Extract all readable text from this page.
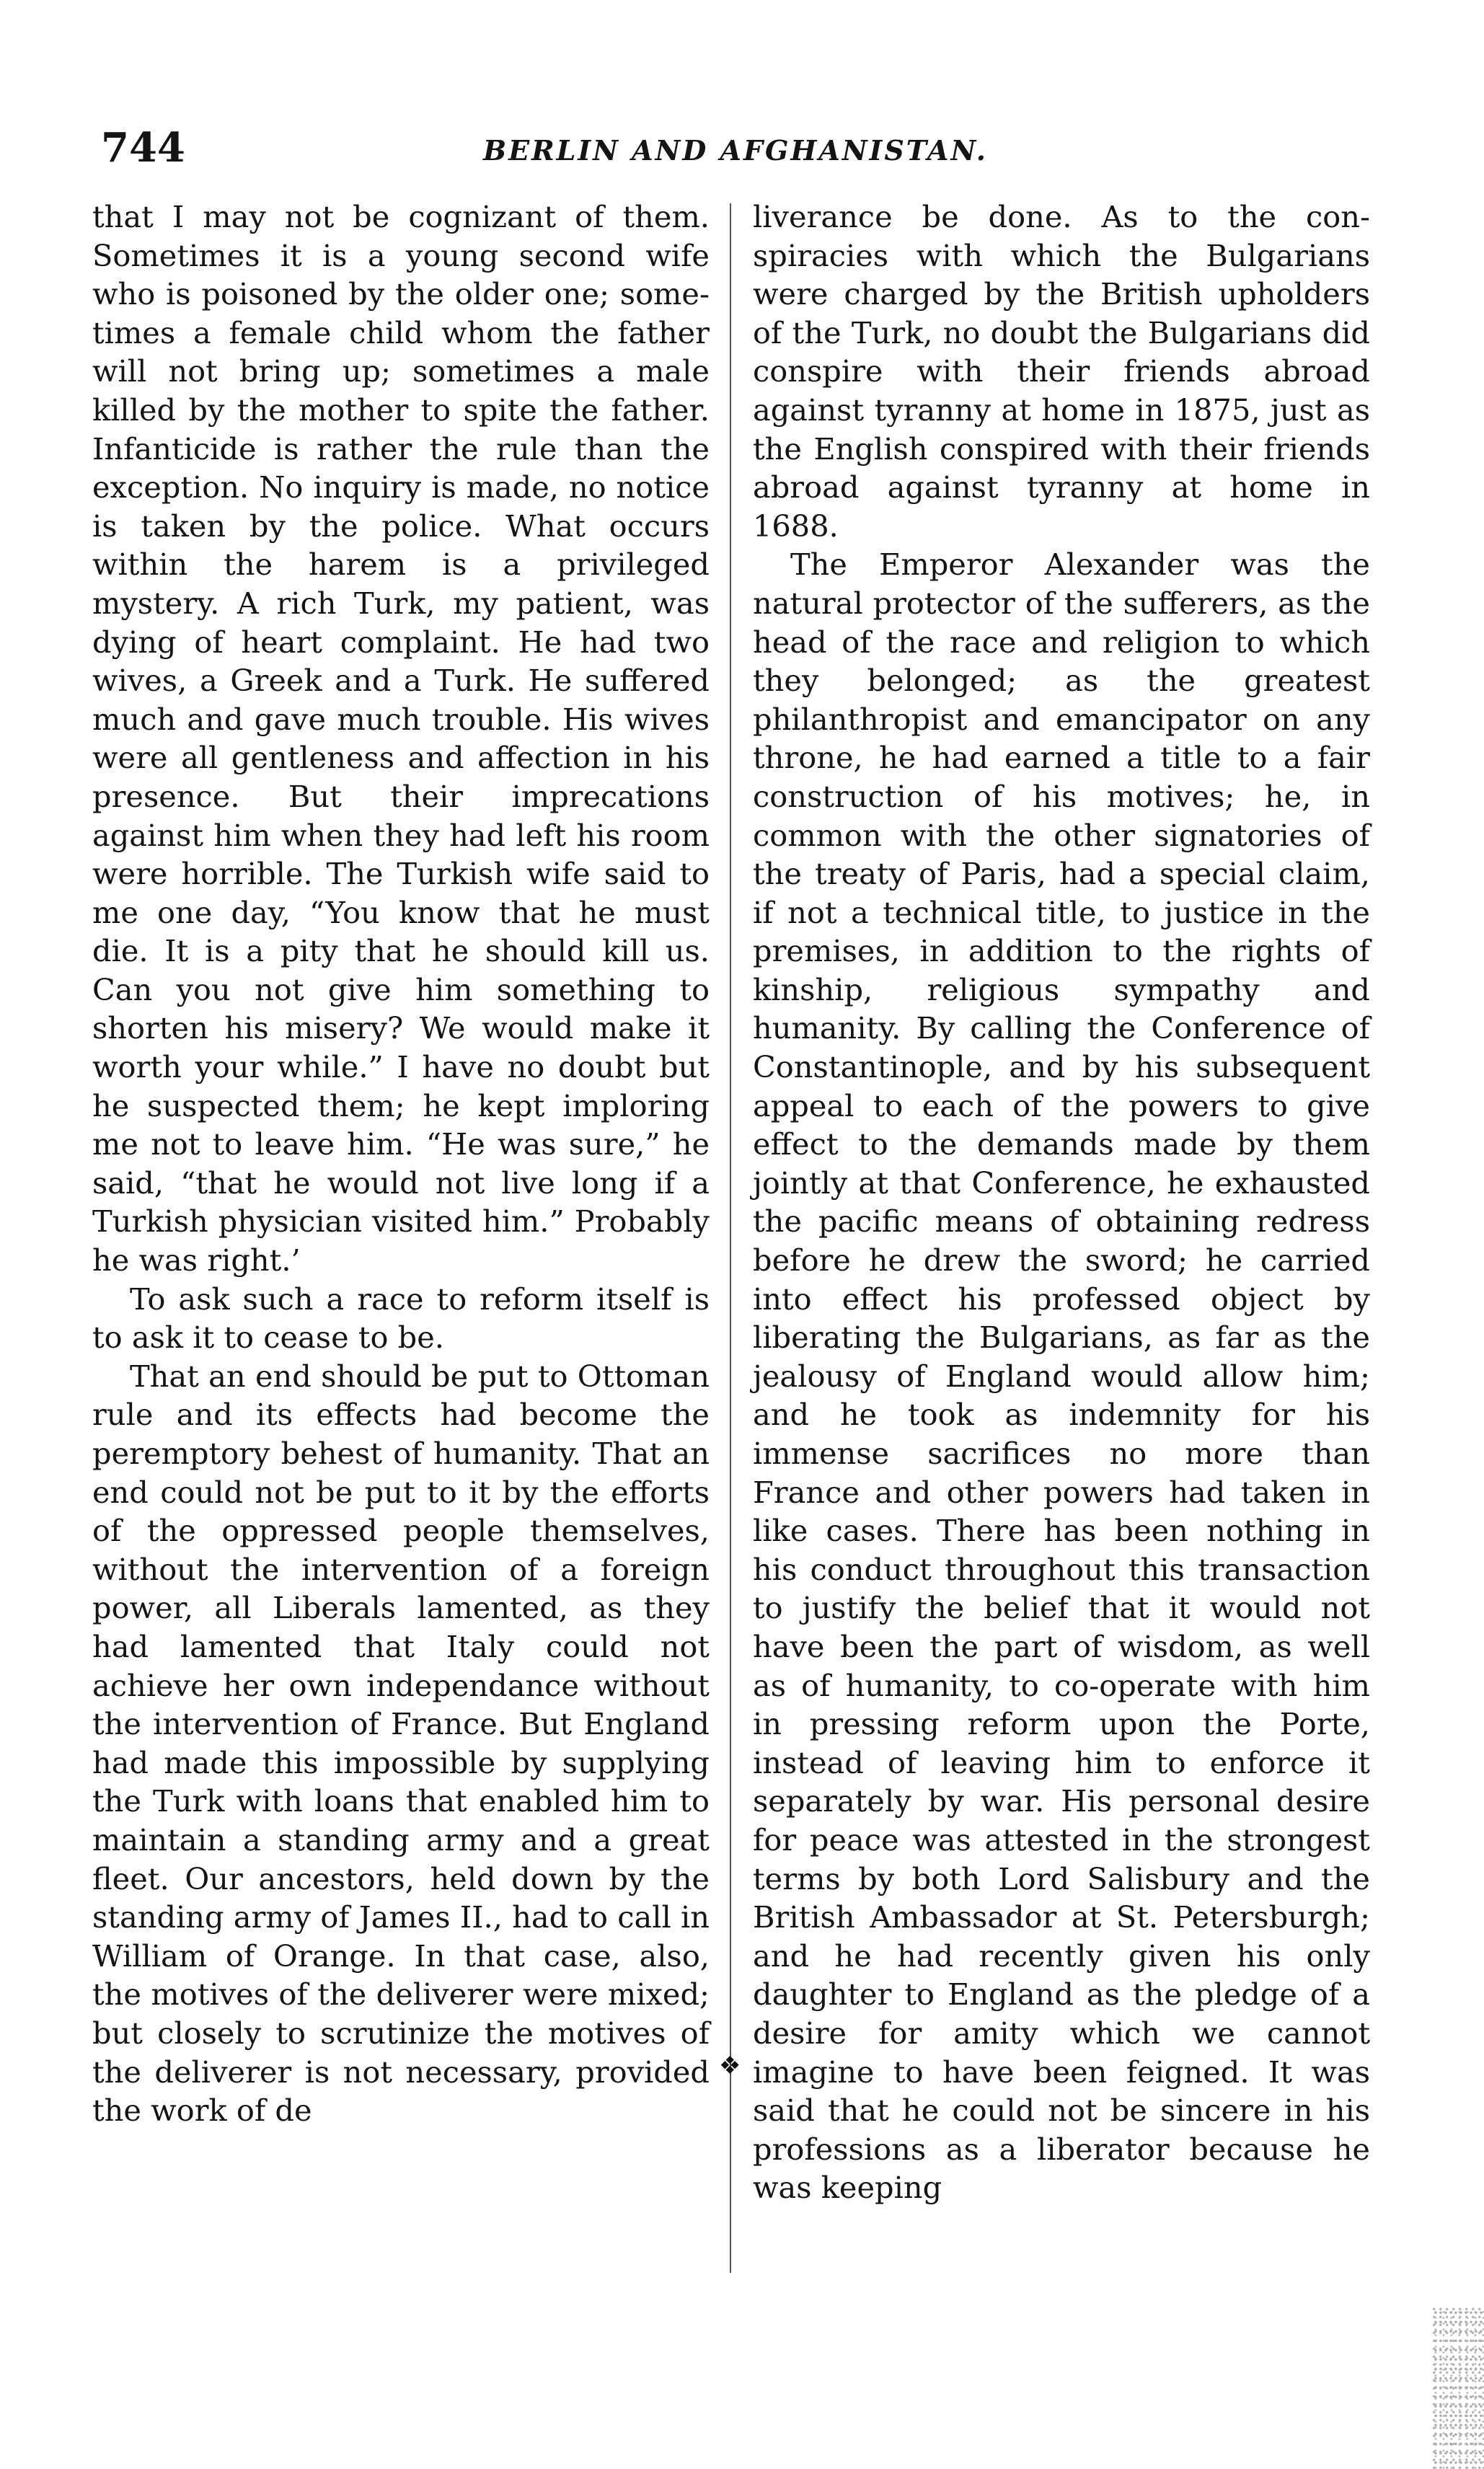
744	BERLIN AND AFGHANISTAN.

that I may not be cognizant of them. Sometimes it is a young second wife who is poisoned by the older one; sometimes a female child whom the father will not bring up; sometimes a male killed by the mother to spite the father. Infanticide is rather the rule than the exception. No inquiry is made, no notice is taken by the police. What occurs within the harem is a privileged mystery. A rich Turk, my patient, was dying of heart complaint. He had two wives, a Greek and a Turk. He suffered much and gave much trouble. His wives were all gentleness and affection in his presence. But their imprecations against him when they had left his room were horrible. The Turkish wife said to me one day, “You know that he must die. It is a pity that he should kill us. Can you not give him something to shorten his misery? We would make it worth your while.” I have no doubt but he suspected them; he kept imploring me not to leave him. “He was sure,” he said, “that he would not live long if a Turkish physician visited him.” Probably he was right.’

To ask such a race to reform itself is to ask it to cease to be.

That an end should be put to Ottoman rule and its effects had become the peremptory behest of humanity. That an end could not be put to it by the efforts of the oppressed people themselves, without the intervention of a foreign power, all Liberals lamented, as they had lamented that Italy could not achieve her own independance without the intervention of France. But England had made this impossible by supplying the Turk with loans that enabled him to maintain a standing army and a great fleet. Our ancestors, held down by the standing army of James II., had to call in William of Orange. In that case, also, the motives of the deliverer were mixed; but closely to scrutinize the motives of the deliverer is not necessary, provided the work of de

❖

liverance be done. As to the conspiracies with which the Bulgarians were charged by the British upholders of the Turk, no doubt the Bulgarians did conspire with their friends abroad against tyranny at home in 1875, just as the English conspired with their friends abroad against tyranny at home in 1688.

The Emperor Alexander was the natural protector of the sufferers, as the head of the race and religion to which they belonged; as the greatest philanthropist and emancipator on any throne, he had earned a title to a fair construction of his motives; he, in common with the other signatories of the treaty of Paris, had a special claim, if not a technical title, to justice in the premises, in addition to the rights of kinship, religious sympathy and humanity. By calling the Conference of Constantinople, and by his subsequent appeal to each of the powers to give effect to the demands made by them jointly at that Conference, he exhausted the pacific means of obtaining redress before he drew the sword; he carried into effect his professed object by liberating the Bulgarians, as far as the jealousy of England would allow him; and he took as indemnity for his immense sacrifices no more than France and other powers had taken in like cases. There has been nothing in his conduct throughout this transaction to justify the belief that it would not have been the part of wisdom, as well as of humanity, to co-operate with him in pressing reform upon the Porte, instead of leaving him to enforce it separately by war. His personal desire for peace was attested in the strongest terms by both Lord Salisbury and the British Ambassador at St. Petersburgh; and he had recently given his only daughter to England as the pledge of a desire for amity which we cannot imagine to have been feigned. It was said that he could not be sincere in his professions as a liberator because he was keeping
